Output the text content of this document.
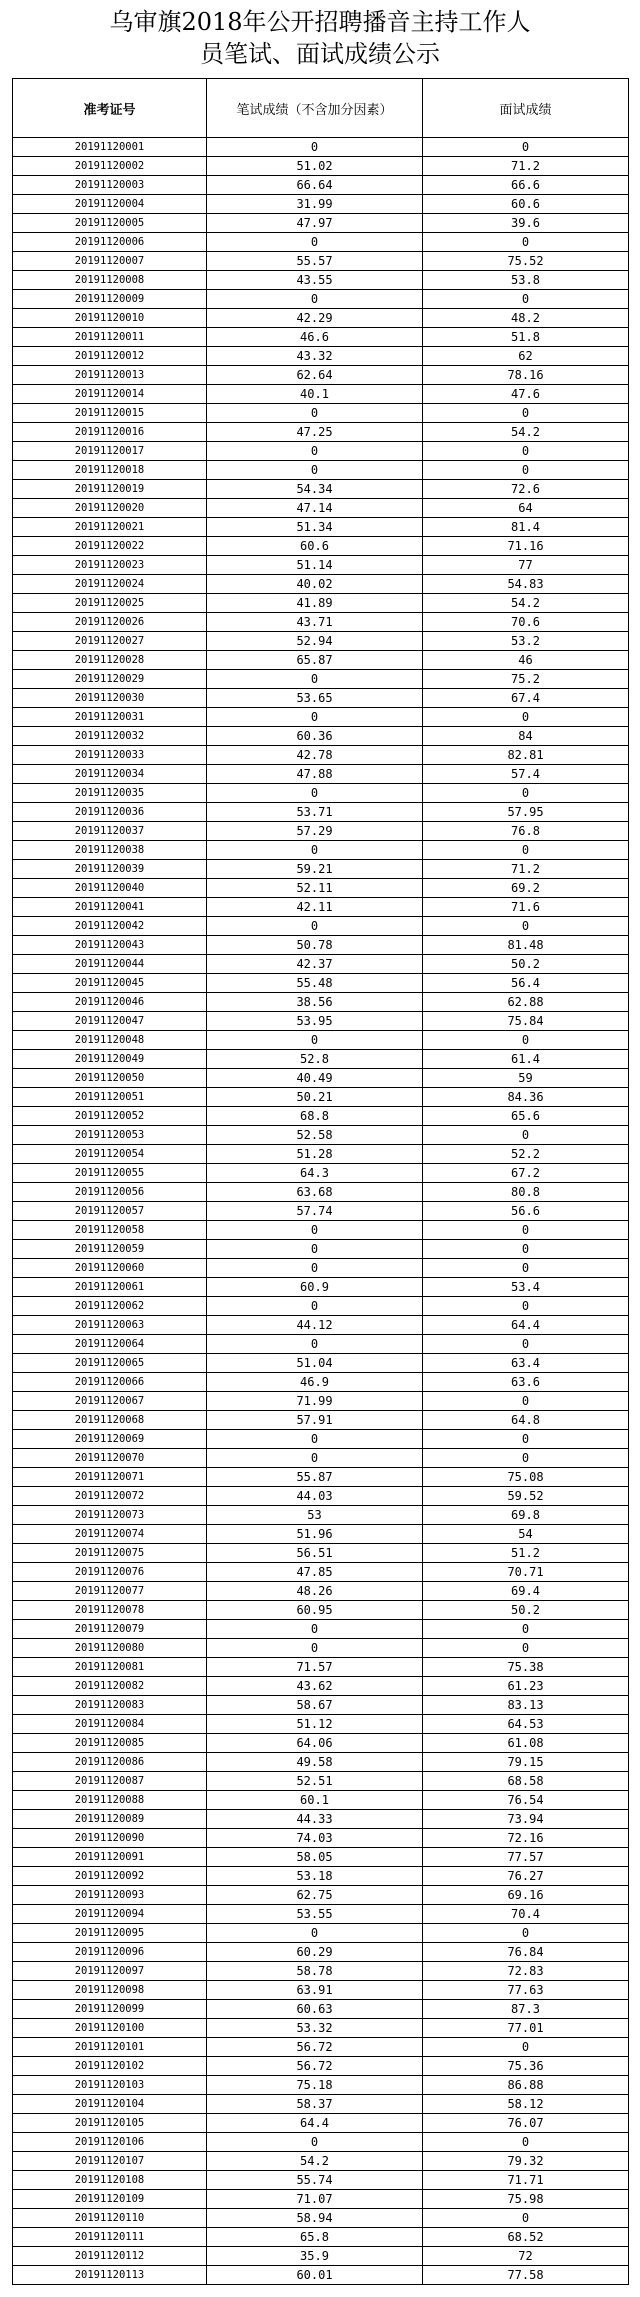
乌审旗2018年公开招聘播音主持工作人
员笔试、面试成绩公示
准考证号	笔试成绩（不含加分因素）	面试成绩
20191120001	0	0
20191120002	51.02	71.2
20191120003	66.64	66.6
20191120004	31.99	60.6
20191120005	47.97	39.6
20191120006	0	0
20191120007	55.57	75.52
20191120008	43.55	53.8
20191120009	0	0
20191120010	42.29	48.2
20191120011	46.6	51.8
20191120012	43.32	62
20191120013	62.64	78.16
20191120014	40.1	47.6
20191120015	0	0
20191120016	47.25	54.2
20191120017	0	0
20191120018	0	0
20191120019	54.34	72.6
20191120020	47.14	64
20191120021	51.34	81.4
20191120022	60.6	71.16
20191120023	51.14	77
20191120024	40.02	54.83
20191120025	41.89	54.2
20191120026	43.71	70.6
20191120027	52.94	53.2
20191120028	65.87	46
20191120029	0	75.2
20191120030	53.65	67.4
20191120031	0	0
20191120032	60.36	84
20191120033	42.78	82.81
20191120034	47.88	57.4
20191120035	0	0
20191120036	53.71	57.95
20191120037	57.29	76.8
20191120038	0	0
20191120039	59.21	71.2
20191120040	52.11	69.2
20191120041	42.11	71.6
20191120042	0	0
20191120043	50.78	81.48
20191120044	42.37	50.2
20191120045	55.48	56.4
20191120046	38.56	62.88
20191120047	53.95	75.84
20191120048	0	0
20191120049	52.8	61.4
20191120050	40.49	59
20191120051	50.21	84.36
20191120052	68.8	65.6
20191120053	52.58	0
20191120054	51.28	52.2
20191120055	64.3	67.2
20191120056	63.68	80.8
20191120057	57.74	56.6
20191120058	0	0
20191120059	0	0
20191120060	0	0
20191120061	60.9	53.4
20191120062	0	0
20191120063	44.12	64.4
20191120064	0	0
20191120065	51.04	63.4
20191120066	46.9	63.6
20191120067	71.99	0
20191120068	57.91	64.8
20191120069	0	0
20191120070	0	0
20191120071	55.87	75.08
20191120072	44.03	59.52
20191120073	53	69.8
20191120074	51.96	54
20191120075	56.51	51.2
20191120076	47.85	70.71
20191120077	48.26	69.4
20191120078	60.95	50.2
20191120079	0	0
20191120080	0	0
20191120081	71.57	75.38
20191120082	43.62	61.23
20191120083	58.67	83.13
20191120084	51.12	64.53
20191120085	64.06	61.08
20191120086	49.58	79.15
20191120087	52.51	68.58
20191120088	60.1	76.54
20191120089	44.33	73.94
20191120090	74.03	72.16
20191120091	58.05	77.57
20191120092	53.18	76.27
20191120093	62.75	69.16
20191120094	53.55	70.4
20191120095	0	0
20191120096	60.29	76.84
20191120097	58.78	72.83
20191120098	63.91	77.63
20191120099	60.63	87.3
20191120100	53.32	77.01
20191120101	56.72	0
20191120102	56.72	75.36
20191120103	75.18	86.88
20191120104	58.37	58.12
20191120105	64.4	76.07
20191120106	0	0
20191120107	54.2	79.32
20191120108	55.74	71.71
20191120109	71.07	75.98
20191120110	58.94	0
20191120111	65.8	68.52
20191120112	35.9	72
20191120113	60.01	77.58
